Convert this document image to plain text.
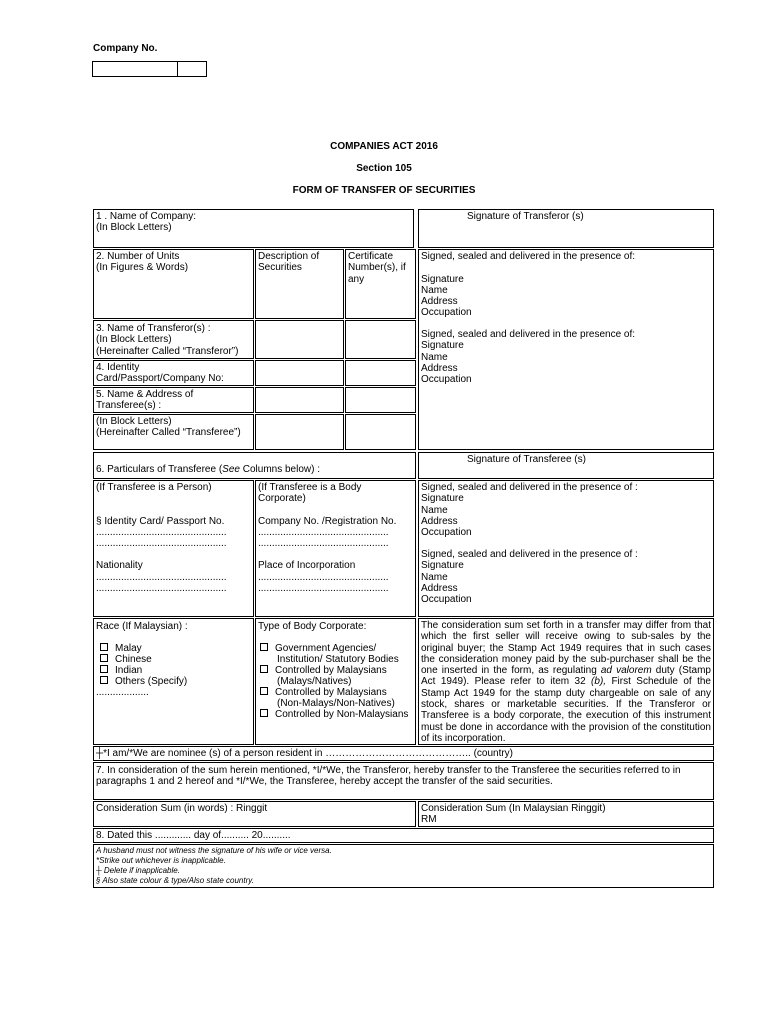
Company No.
COMPANIES ACT 2016
Section 105
FORM OF TRANSFER OF SECURITIES
1 . Name of Company:
(In Block Letters)
Signature of Transferor (s)
2. Number of Units
(In Figures & Words)
Description of
Securities
Certificate
Number(s), if
any
Signed, sealed and delivered in the presence of:
Signature
Name
Address
Occupation
Signed, sealed and delivered in the presence of:
Signature
Name
Address
Occupation
3. Name of Transferor(s) :
(In Block Letters)
(Hereinafter Called “Transferor”)
4. Identity
Card/Passport/Company No:
5. Name & Address of
Transferee(s) :
(In Block Letters)
(Hereinafter Called “Transferee”)
6. Particulars of Transferee (See Columns below) :
Signature of Transferee (s)
(If Transferee is a Person)
§ Identity Card/ Passport No.
...............................................
...............................................
Nationality
...............................................
...............................................
(If Transferee is a Body
Corporate)
Company No. /Registration No.
...............................................
...............................................
Place of Incorporation
...............................................
...............................................
Signed, sealed and delivered in the presence of :
Signature
Name
Address
Occupation
Signed, sealed and delivered in the presence of :
Signature
Name
Address
Occupation
Race (If Malaysian) :
Malay
Chinese
Indian
Others (Specify)
...................
Type of Body Corporate:
Government Agencies/
Institution/ Statutory Bodies
Controlled by Malaysians
(Malays/Natives)
Controlled by Malaysians
(Non-Malays/Non-Natives)
Controlled by Non-Malaysians
The consideration sum set forth in a transfer may differ from that which the first seller will receive owing to sub-sales by the original buyer; the Stamp Act 1949 requires that in such cases the consideration money paid by the sub-purchaser shall be the one inserted in the form, as regulating ad valorem duty (Stamp Act 1949). Please refer to item 32 (b), First Schedule of the Stamp Act 1949 for the stamp duty chargeable on sale of any stock, shares or marketable securities. If the Transferor or Transferee is a body corporate, the execution of this instrument must be done in accordance with the provision of the constitution of its incorporation.
┼*I am/*We are nominee (s) of a person resident in …………………………………….. (country)
7. In consideration of the sum herein mentioned, *I/*We, the Transferor, hereby transfer to the Transferee the securities referred to in
paragraphs 1 and 2 hereof and *I/*We, the Transferee, hereby accept the transfer of the said securities.
Consideration Sum (in words) : Ringgit	Consideration Sum (In Malaysian Ringgit)
RM
8. Dated this ............. day of.......... 20..........
A husband must not witness the signature of his wife or vice versa.
*Strike out whichever is inapplicable.
┼ Delete if inapplicable.
§ Also state colour & type/Also state country.
